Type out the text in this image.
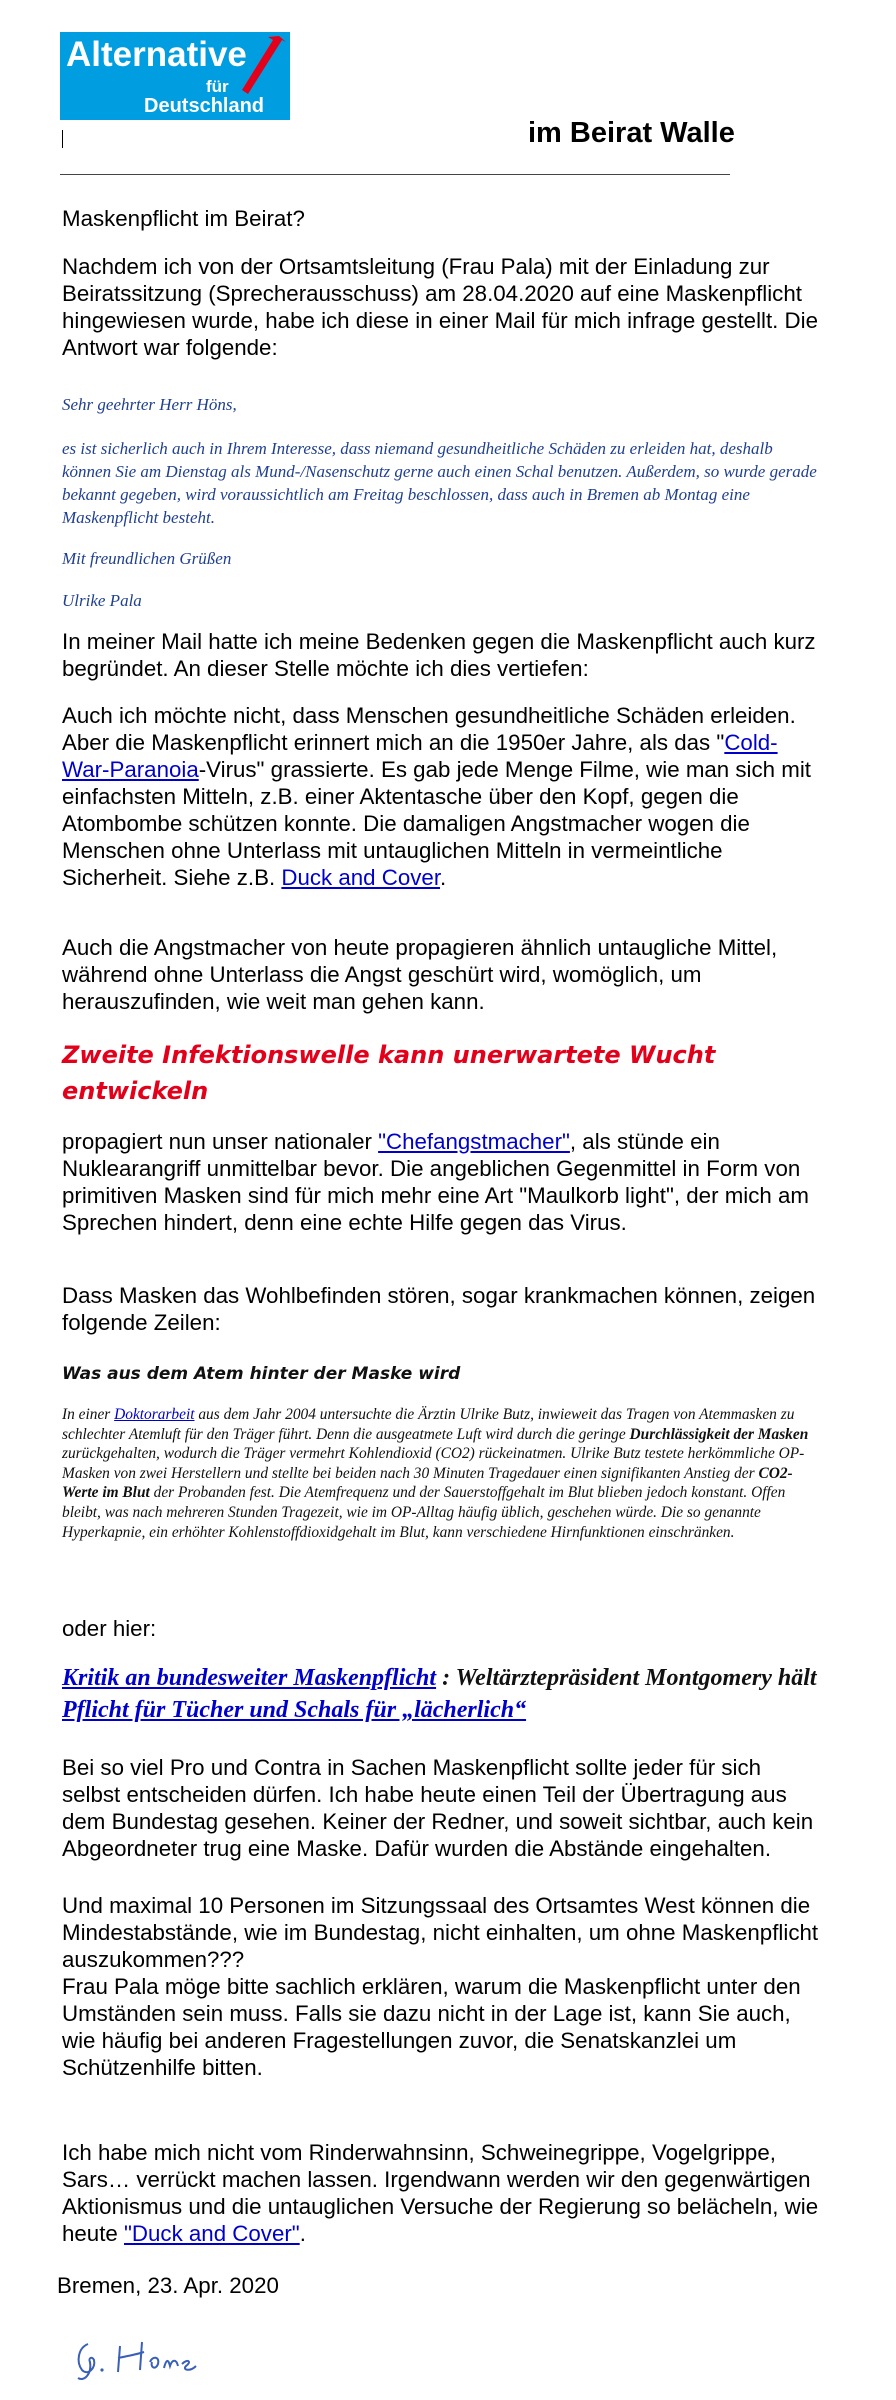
Alternative
für
Deutschland
im Beirat Walle

Maskenpflicht im Beirat?

Nachdem ich von der Ortsamtsleitung (Frau Pala) mit der Einladung zur Beiratssitzung (Sprecherausschuss) am 28.04.2020 auf eine Maskenpflicht hingewiesen wurde, habe ich diese in einer Mail für mich infrage gestellt. Die Antwort war folgende:

Sehr geehrter Herr Höns,

es ist sicherlich auch in Ihrem Interesse, dass niemand gesundheitliche Schäden zu erleiden hat, deshalb können Sie am Dienstag als Mund-/Nasenschutz gerne auch einen Schal benutzen. Außerdem, so wurde gerade bekannt gegeben, wird voraussichtlich am Freitag beschlossen, dass auch in Bremen ab Montag eine Maskenpflicht besteht.

Mit freundlichen Grüßen

Ulrike Pala

In meiner Mail hatte ich meine Bedenken gegen die Maskenpflicht auch kurz begründet. An dieser Stelle möchte ich dies vertiefen:

Auch ich möchte nicht, dass Menschen gesundheitliche Schäden erleiden. Aber die Maskenpflicht erinnert mich an die 1950er Jahre, als das "Cold-War-Paranoia-Virus" grassierte. Es gab jede Menge Filme, wie man sich mit einfachsten Mitteln, z.B. einer Aktentasche über den Kopf, gegen die Atombombe schützen konnte. Die damaligen Angstmacher wogen die Menschen ohne Unterlass mit untauglichen Mitteln in vermeintliche Sicherheit. Siehe z.B. Duck and Cover.

Auch die Angstmacher von heute propagieren ähnlich untaugliche Mittel, während ohne Unterlass die Angst geschürt wird, womöglich, um herauszufinden, wie weit man gehen kann.

Zweite Infektionswelle kann unerwartete Wucht entwickeln

propagiert nun unser nationaler "Chefangstmacher", als stünde ein Nuklearangriff unmittelbar bevor. Die angeblichen Gegenmittel in Form von primitiven Masken sind für mich mehr eine Art "Maulkorb light", der mich am Sprechen hindert, denn eine echte Hilfe gegen das Virus.

Dass Masken das Wohlbefinden stören, sogar krankmachen können, zeigen folgende Zeilen:

Was aus dem Atem hinter der Maske wird

In einer Doktorarbeit aus dem Jahr 2004 untersuchte die Ärztin Ulrike Butz, inwieweit das Tragen von Atemmasken zu schlechter Atemluft für den Träger führt. Denn die ausgeatmete Luft wird durch die geringe Durchlässigkeit der Masken zurückgehalten, wodurch die Träger vermehrt Kohlendioxid (CO2) rückeinatmen. Ulrike Butz testete herkömmliche OP-Masken von zwei Herstellern und stellte bei beiden nach 30 Minuten Tragedauer einen signifikanten Anstieg der CO2-Werte im Blut der Probanden fest. Die Atemfrequenz und der Sauerstoffgehalt im Blut blieben jedoch konstant. Offen bleibt, was nach mehreren Stunden Tragezeit, wie im OP-Alltag häufig üblich, geschehen würde. Die so genannte Hyperkapnie, ein erhöhter Kohlenstoffdioxidgehalt im Blut, kann verschiedene Hirnfunktionen einschränken.

oder hier:

Kritik an bundesweiter Maskenpflicht : Weltärztepräsident Montgomery hält Pflicht für Tücher und Schals für „lächerlich“

Bei so viel Pro und Contra in Sachen Maskenpflicht sollte jeder für sich selbst entscheiden dürfen. Ich habe heute einen Teil der Übertragung aus dem Bundestag gesehen. Keiner der Redner, und soweit sichtbar, auch kein Abgeordneter trug eine Maske. Dafür wurden die Abstände eingehalten.

Und maximal 10 Personen im Sitzungssaal des Ortsamtes West können die Mindestabstände, wie im Bundestag, nicht einhalten, um ohne Maskenpflicht auszukommen???

Frau Pala möge bitte sachlich erklären, warum die Maskenpflicht unter den Umständen sein muss. Falls sie dazu nicht in der Lage ist, kann Sie auch, wie häufig bei anderen Fragestellungen zuvor, die Senatskanzlei um Schützenhilfe bitten.

Ich habe mich nicht vom Rinderwahnsinn, Schweinegrippe, Vogelgrippe, Sars… verrückt machen lassen. Irgendwann werden wir den gegenwärtigen Aktionismus und die untauglichen Versuche der Regierung so belächeln, wie heute "Duck and Cover".

Bremen, 23. Apr. 2020
